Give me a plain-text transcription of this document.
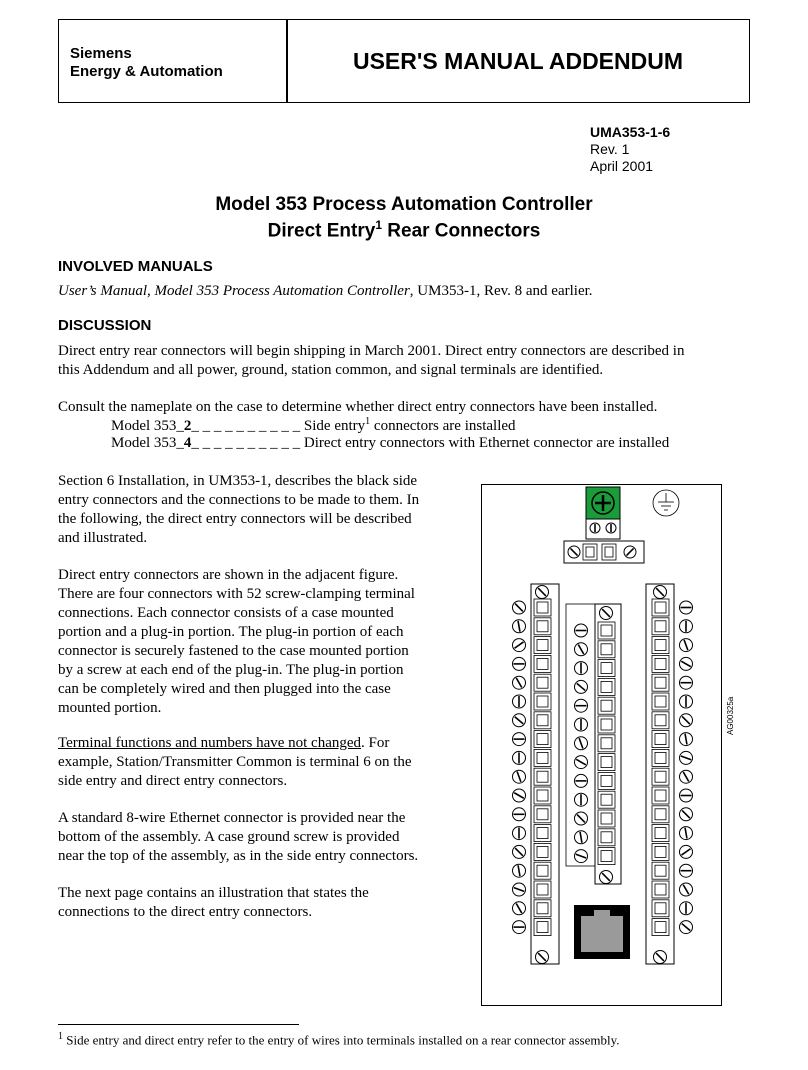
Siemens
Energy & Automation	USER'S MANUAL ADDENDUM
UMA353-1-6
Rev. 1
April 2001
Model 353 Process Automation Controller
Direct Entry$^1$ Rear Connectors
INVOLVED MANUALS
User’s Manual, Model 353 Process Automation Controller, UM353-1, Rev. 8 and earlier.
DISCUSSION
Direct entry rear connectors will begin shipping in March 2001. Direct entry connectors are described in
this Addendum and all power, ground, station common, and signal terminals are identified.
Consult the nameplate on the case to determine whether direct entry connectors have been installed.
Model 353_2_ _ _ _ _ _ _ _ _ _ Side entry$^1$ connectors are installed
Model 353_4_ _ _ _ _ _ _ _ _ _ Direct entry connectors with Ethernet connector are installed
Section 6 Installation, in UM353-1, describes the black side
entry connectors and the connections to be made to them. In
the following, the direct entry connectors will be described
and illustrated.
Direct entry connectors are shown in the adjacent figure.
There are four connectors with 52 screw-clamping terminal
connections. Each connector consists of a case mounted
portion and a plug-in portion. The plug-in portion of each
connector is securely fastened to the case mounted portion
by a screw at each end of the plug-in. The plug-in portion
can be completely wired and then plugged into the case
mounted portion.
Terminal functions and numbers have not changed. For
example, Station/Transmitter Common is terminal 6 on the
side entry and direct entry connectors.
A standard 8-wire Ethernet connector is provided near the
bottom of the assembly. A case ground screw is provided
near the top of the assembly, as in the side entry connectors.
The next page contains an illustration that states the
connections to the direct entry connectors.
AG00325a
$^1$ Side entry and direct entry refer to the entry of wires into terminals installed on a rear connector assembly.
